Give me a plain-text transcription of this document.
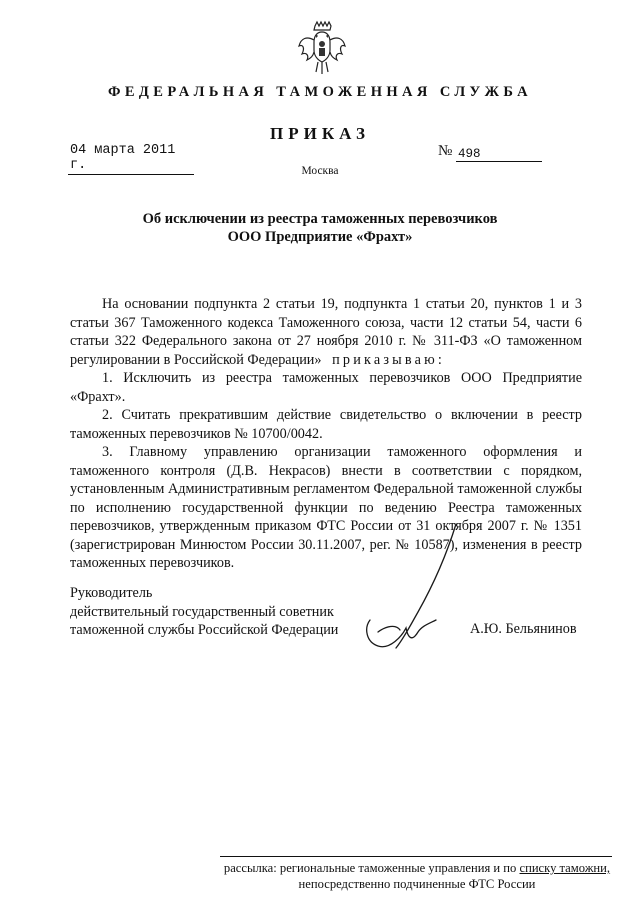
ФЕДЕРАЛЬНАЯ ТАМОЖЕННАЯ СЛУЖБА
ПРИКАЗ
04 марта 2011 г.
№ 498
Москва
Об исключении из реестра таможенных перевозчиков
ООО Предприятие «Фрахт»

На основании подпункта 2 статьи 19, подпункта 1 статьи 20, пунктов 1 и 3 статьи 367 Таможенного кодекса Таможенного союза, части 12 статьи 54, части 6 статьи 322 Федерального закона от 27 ноября 2010 г. № 311-ФЗ «О таможенном регулировании в Российской Федерации» приказываю:

1. Исключить из реестра таможенных перевозчиков ООО Предприятие «Фрахт».

2. Считать прекратившим действие свидетельство о включении в реестр таможенных перевозчиков № 10700/0042.

3. Главному управлению организации таможенного оформления и таможенного контроля (Д.В. Некрасов) внести в соответствии с порядком, установленным Административным регламентом Федеральной таможенной службы по исполнению государственной функции по ведению Реестра таможенных перевозчиков, утвержденным приказом ФТС России от 31 октября 2007 г. № 1351 (зарегистрирован Минюстом России 30.11.2007, рег. № 10587), изменения в реестр таможенных перевозчиков.

Руководитель
действительный государственный советник
таможенной службы Российской Федерации	А.Ю. Бельянинов
рассылка: региональные таможенные управления и по списку таможни,
непосредственно подчиненные ФТС России
